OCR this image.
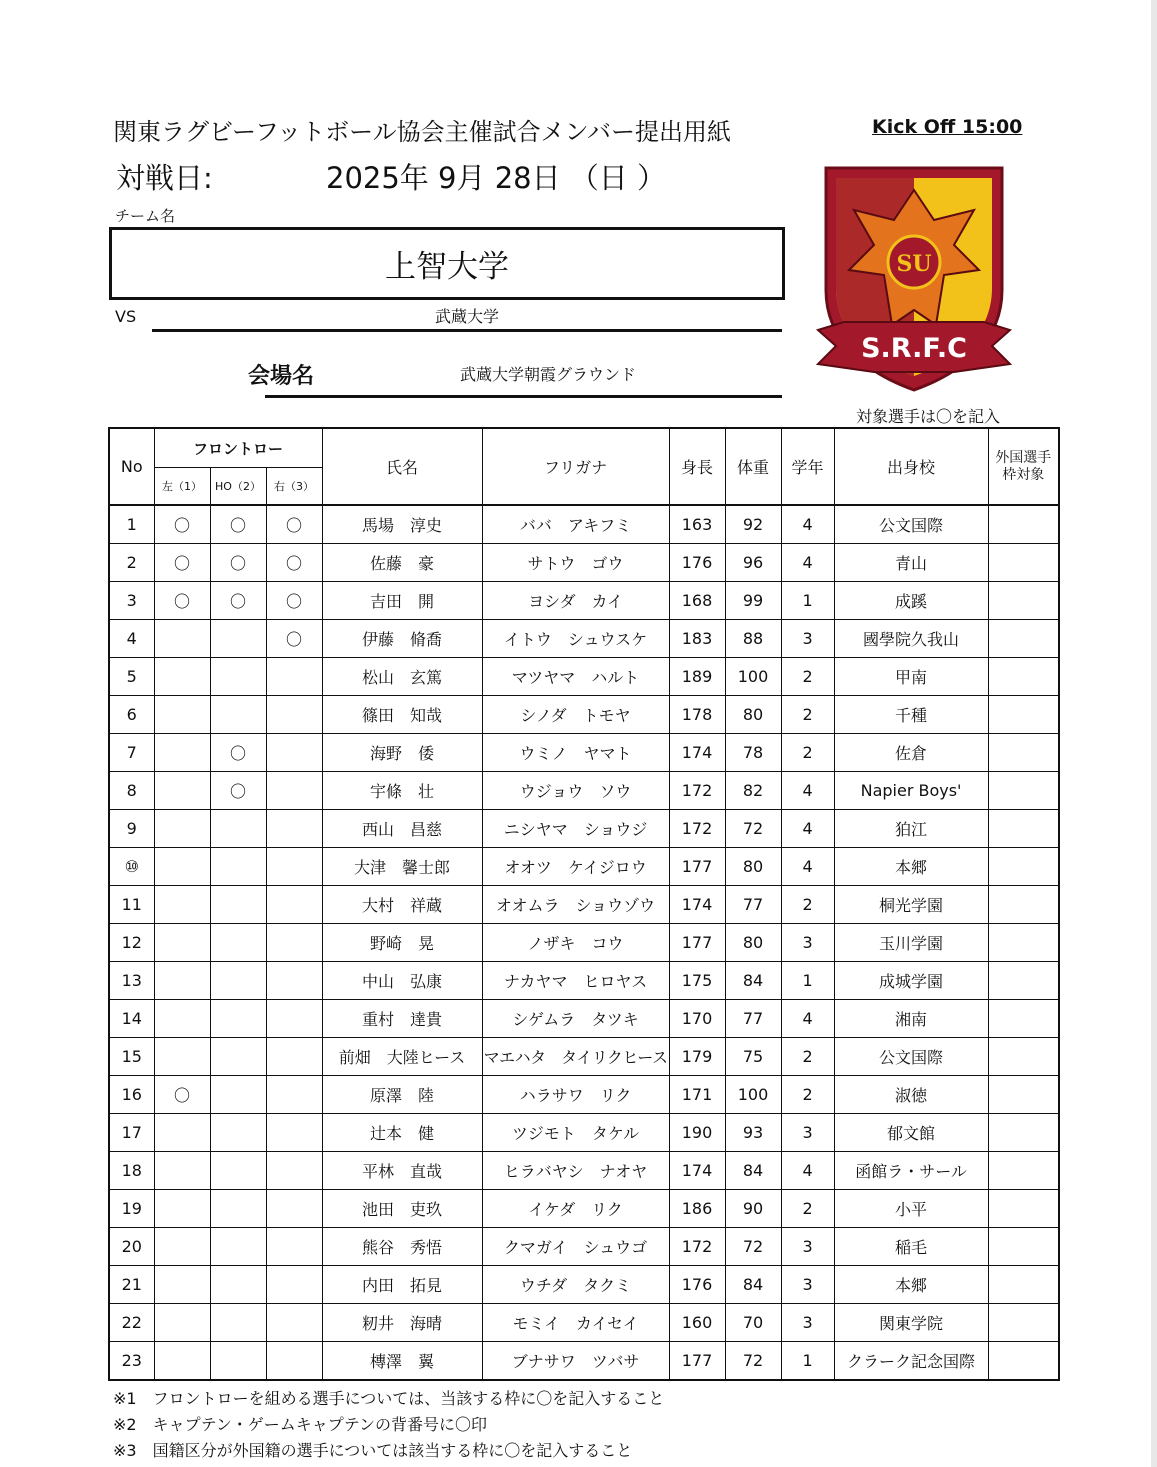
関東ラグビーフットボール協会主催試合メンバー提出用紙	Kick Off 15:00
対戦日:	2025年 9月 28日 （日 ）
チーム名
上智大学
VS	武蔵大学
会場名	武蔵大学朝霞グラウンド
対象選手は〇を記入
SU
S.R.F.C
No	フロントロー			氏名	フリガナ	身長	体重	学年	出身校	外国選手枠対象
	左（1）	HO（2）	右（3）							
1	〇	〇	〇	馬場　淳史	ババ　アキフミ	163	92	4	公文国際	
2	〇	〇	〇	佐藤　豪	サトウ　ゴウ	176	96	4	青山	
3	〇	〇	〇	吉田　開	ヨシダ　カイ	168	99	1	成蹊	
4			〇	伊藤　脩喬	イトウ　シュウスケ	183	88	3	國學院久我山	
5				松山　玄篤	マツヤマ　ハルト	189	100	2	甲南	
6				篠田　知哉	シノダ　トモヤ	178	80	2	千種	
7		〇		海野　倭	ウミノ　ヤマト	174	78	2	佐倉	
8		〇		宇條　壮	ウジョウ　ソウ	172	82	4	Napier Boys'	
9				西山　昌慈	ニシヤマ　ショウジ	172	72	4	狛江	
⑩				大津　馨士郎	オオツ　ケイジロウ	177	80	4	本郷	
11				大村　祥蔵	オオムラ　ショウゾウ	174	77	2	桐光学園	
12				野崎　晃	ノザキ　コウ	177	80	3	玉川学園	
13				中山　弘康	ナカヤマ　ヒロヤス	175	84	1	成城学園	
14				重村　達貴	シゲムラ　タツキ	170	77	4	湘南	
15				前畑　大陸ヒース	マエハタ　タイリクヒース	179	75	2	公文国際	
16	〇			原澤　陸	ハラサワ　リク	171	100	2	淑徳	
17				辻本　健	ツジモト　タケル	190	93	3	郁文館	
18				平林　直哉	ヒラバヤシ　ナオヤ	174	84	4	函館ラ・サール	
19				池田　吏玖	イケダ　リク	186	90	2	小平	
20				熊谷　秀悟	クマガイ　シュウゴ	172	72	3	稲毛	
21				内田　拓見	ウチダ　タクミ	176	84	3	本郷	
22				籾井　海晴	モミイ　カイセイ	160	70	3	関東学院	
23				槫澤　翼	ブナサワ　ツバサ	177	72	1	クラーク記念国際	
※1　フロントローを組める選手については、当該する枠に〇を記入すること
※2　キャプテン・ゲームキャプテンの背番号に〇印
※3　国籍区分が外国籍の選手については該当する枠に〇を記入すること
